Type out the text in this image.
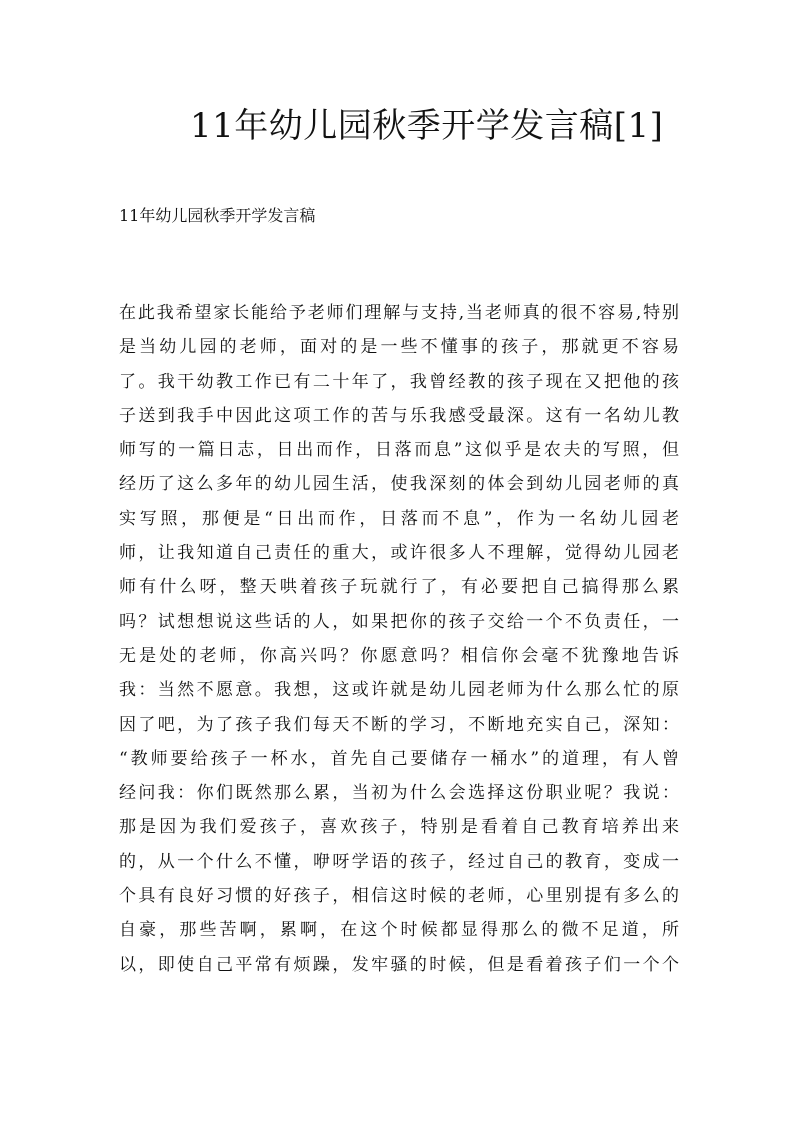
11年幼儿园秋季开学发言稿[1]

11年幼儿园秋季开学发言稿

在此我希望家长能给予老师们理解与支持,当老师真的很不容易,特别
是当幼儿园的老师，面对的是一些不懂事的孩子，那就更不容易
了。我干幼教工作已有二十年了，我曾经教的孩子现在又把他的孩
子送到我手中因此这项工作的苦与乐我感受最深。这有一名幼儿教
师写的一篇日志，日出而作，日落而息”这似乎是农夫的写照，但
经历了这么多年的幼儿园生活，使我深刻的体会到幼儿园老师的真
实写照，那便是“日出而作，日落而不息”，作为一名幼儿园老
师，让我知道自己责任的重大，或许很多人不理解，觉得幼儿园老
师有什么呀，整天哄着孩子玩就行了，有必要把自己搞得那么累
吗？试想想说这些话的人，如果把你的孩子交给一个不负责任，一
无是处的老师，你高兴吗？你愿意吗？相信你会毫不犹豫地告诉
我：当然不愿意。我想，这或许就是幼儿园老师为什么那么忙的原
因了吧，为了孩子我们每天不断的学习，不断地充实自己，深知：
“教师要给孩子一杯水，首先自己要储存一桶水”的道理，有人曾
经问我：你们既然那么累，当初为什么会选择这份职业呢？我说：
那是因为我们爱孩子，喜欢孩子，特别是看着自己教育培养出来
的，从一个什么不懂，咿呀学语的孩子，经过自己的教育，变成一
个具有良好习惯的好孩子，相信这时候的老师，心里别提有多么的
自豪，那些苦啊，累啊，在这个时候都显得那么的微不足道，所
以，即使自己平常有烦躁，发牢骚的时候，但是看着孩子们一个个
